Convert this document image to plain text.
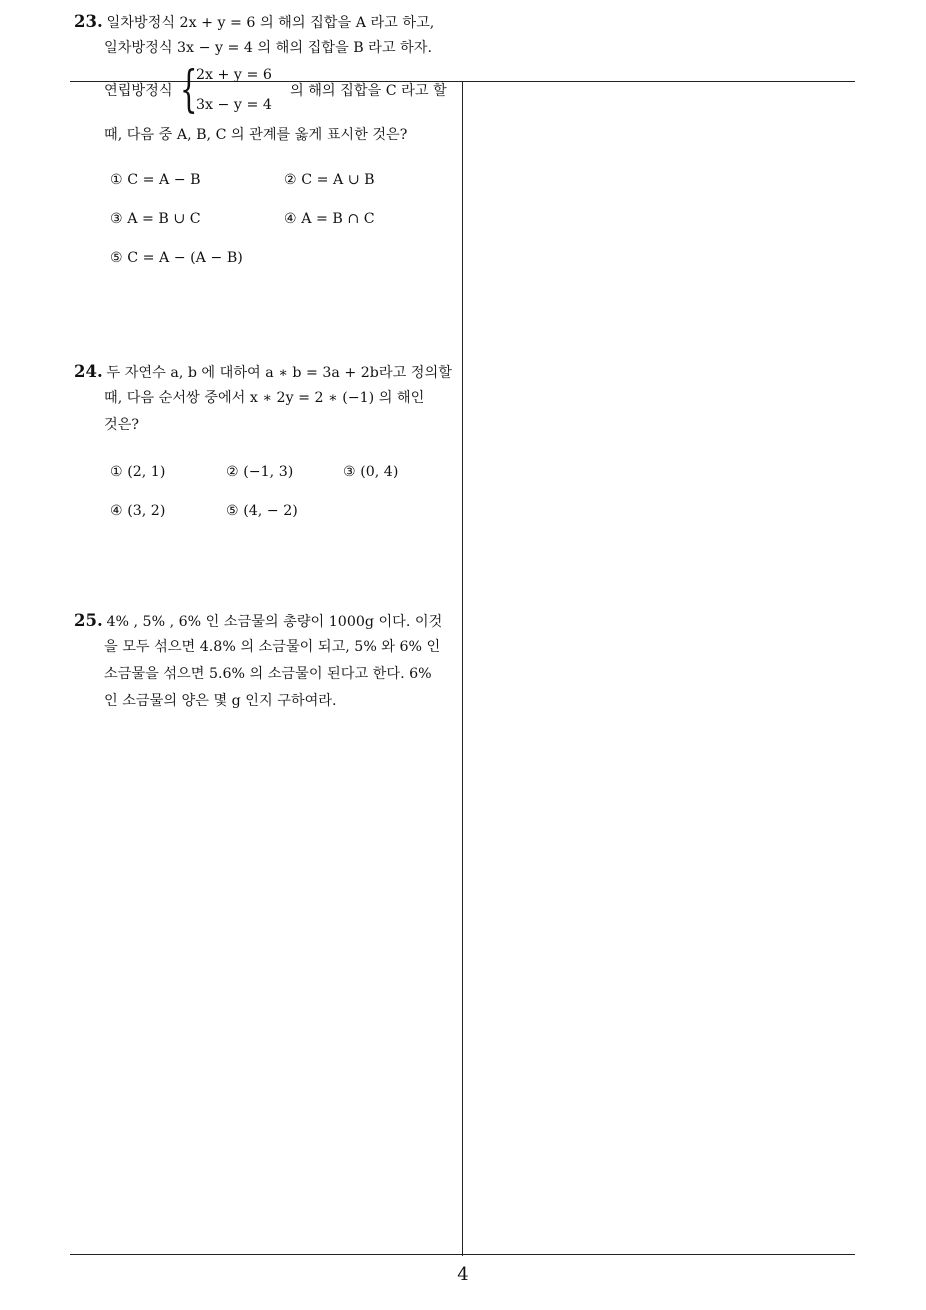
23. 일차방정식 2x + y = 6 의 해의 집합을 A 라고 하고,
일차방정식 3x − y = 4 의 해의 집합을 B 라고 하자.
연립방정식 {
2x + y = 6
3x − y = 4
의 해의 집합을 C 라고 할
때, 다음 중 A, B, C 의 관계를 옳게 표시한 것은?
① C = A − B	② C = A ∪ B
③ A = B ∪ C	④ A = B ∩ C
⑤ C = A − (A − B)
24. 두 자연수 a, b 에 대하여 a ∗ b = 3a + 2b라고 정의할
때, 다음 순서쌍 중에서 x ∗ 2y = 2 ∗ (−1) 의 해인
것은?
① (2, 1)	② (−1, 3)	③ (0, 4)
④ (3, 2)	⑤ (4, − 2)
25. 4% , 5% , 6% 인 소금물의 총량이 1000g 이다. 이것
을 모두 섞으면 4.8% 의 소금물이 되고, 5% 와 6% 인
소금물을 섞으면 5.6% 의 소금물이 된다고 한다. 6%
인 소금물의 양은 몇 g 인지 구하여라.
4
